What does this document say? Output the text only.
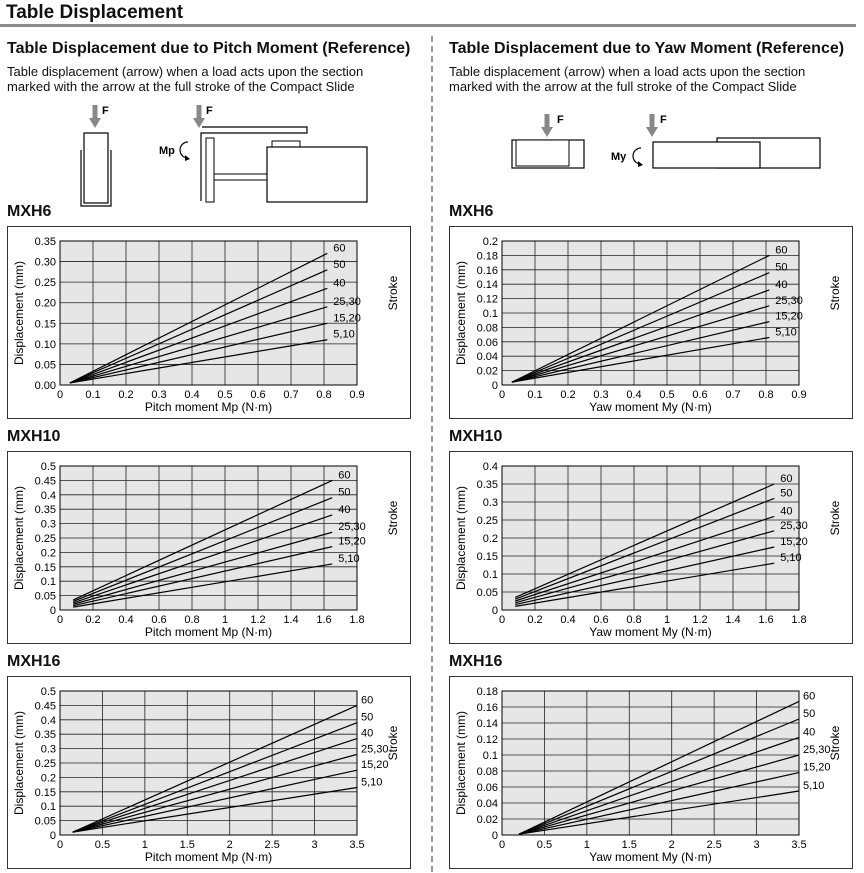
Table Displacement
Table Displacement due to Pitch Moment (Reference)
Table displacement (arrow) when a load acts upon the section
marked with the arrow at the full stroke of the Compact Slide
F	F
Mp
Table Displacement due to Yaw Moment (Reference)
Table displacement (arrow) when a load acts upon the section
marked with the arrow at the full stroke of the Compact Slide
F	F
My
MXH6
MXH10
MXH16
MXH6
MXH10
MXH16
0 0.1 0.2 0.3 0.4 0.5 0.6 0.7 0.8 0.9
0.00
0.05
0.10
0.15
0.20
0.25
0.30
0.35
Pitch moment Mp (N·m)
Displacement (mm)	Stroke
60
50
40
25,30
15,20
5,10
0 0.2 0.4 0.6 0.8 1 1.2 1.4 1.6 1.8
0
0.05
0.1
0.15
0.2
0.25
0.3
0.35
0.4
0.45
0.5
Pitch moment Mp (N·m)
Displacement (mm)	Stroke
60
50
40
25,30
15,20
5,10
0	0.5	1	1.5	2	2.5	3	3.5
0
0.05
0.1
0.15
0.2
0.25
0.3
0.35
0.4
0.45
0.5
Pitch moment Mp (N·m)
Displacement (mm)	Stroke
60
50
40
25,30
15,20
5,10
0 0.1 0.2 0.3 0.4 0.5 0.6 0.7 0.8 0.9
0
0.02
0.04
0.06
0.08
0.1
0.12
0.14
0.16
0.18
0.2
Yaw moment My (N·m)
Displacement (mm)	Stroke
60
50
40
25,30
15,20
5,10
0 0.2 0.4 0.6 0.8 1 1.2 1.4 1.6 1.8
0
0.05
0.1
0.15
0.2
0.25
0.3
0.35
0.4
Yaw moment My (N·m)
Displacement (mm)	Stroke
60
50
40
25,30
15,20
5,10
0	0.5	1	1.5	2	2.5	3	3.5
0
0.02
0.04
0.06
0.08
0.1
0.12
0.14
0.16
0.18
Yaw moment My (N·m)
Displacement (mm)	Stroke
60
50
40
25,30
15,20
5,10
